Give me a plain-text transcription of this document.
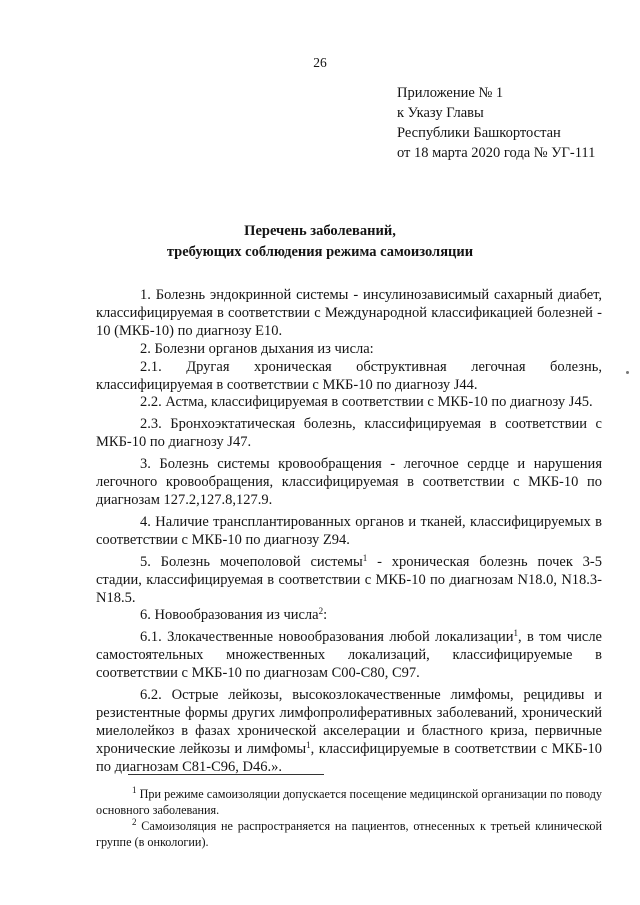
26
Приложение № 1
к Указу Главы
Республики Башкортостан
от 18 марта 2020 года № УГ-111
Перечень заболеваний,
требующих соблюдения режима самоизоляции

1. Болезнь эндокринной системы - инсулинозависимый сахарный диабет, классифицируемая в соответствии с Международной классификацией болезней - 10 (МКБ-10) по диагнозу Е10.

2. Болезни органов дыхания из числа:

2.1. Другая хроническая обструктивная легочная болезнь, классифицируемая в соответствии с МКБ-10 по диагнозу J44.

2.2. Астма, классифицируемая в соответствии с МКБ-10 по диагнозу J45.

2.3. Бронхоэктатическая болезнь, классифицируемая в соответствии с МКБ-10 по диагнозу J47.

3. Болезнь системы кровообращения - легочное сердце и нарушения легочного кровообращения, классифицируемая в соответствии с МКБ-10 по диагнозам 127.2,127.8,127.9.

4. Наличие трансплантированных органов и тканей, классифицируемых в соответствии с МКБ-10 по диагнозу Z94.

5. Болезнь мочеполовой системы$^1$ - хроническая болезнь почек 3-5 стадии, классифицируемая в соответствии с МКБ-10 по диагнозам N18.0, N18.3-N18.5.

6. Новообразования из числа$^2$:

6.1. Злокачественные новообразования любой локализации$^1$, в том числе самостоятельных множественных локализаций, классифицируемые в соответствии с МКБ-10 по диагнозам С00-С80, С97.

6.2. Острые лейкозы, высокозлокачественные лимфомы, рецидивы и резистентные формы других лимфопролиферативных заболеваний, хронический миелолейкоз в фазах хронической акселерации и бластного криза, первичные хронические лейкозы и лимфомы$^1$, классифицируемые в соответствии с МКБ-10 по диагнозам С81-С96, D46.».

$^1$ При режиме самоизоляции допускается посещение медицинской организации по поводу основного заболевания.

$^2$ Самоизоляция не распространяется на пациентов, отнесенных к третьей клинической группе (в онкологии).
